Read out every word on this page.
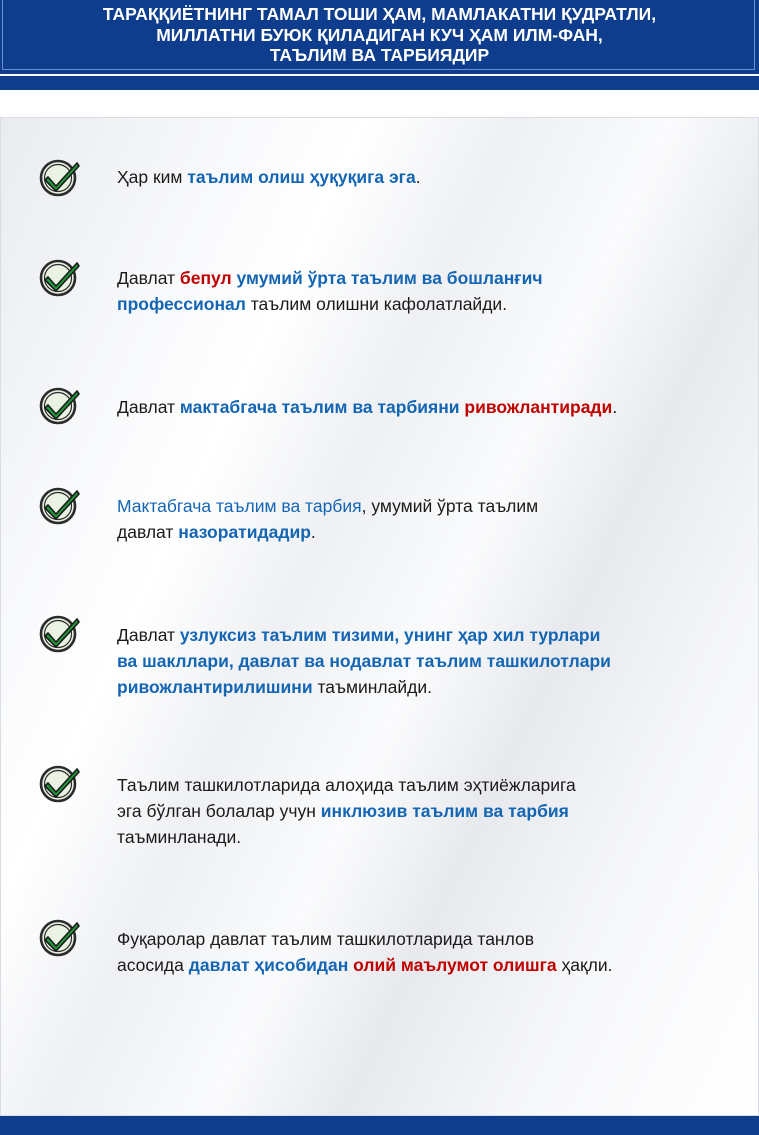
ТАРАҚҚИЁТНИНГ ТАМАЛ ТОШИ ҲАМ, МАМЛАКАТНИ ҚУДРАТЛИ,
МИЛЛАТНИ БУЮК ҚИЛАДИГАН КУЧ ҲАМ ИЛМ-ФАН,
ТАЪЛИМ ВА ТАРБИЯДИР
Ҳар ким таълим олиш ҳуқуқига эга.
Давлат бепул умумий ўрта таълим ва бошланғич
профессионал таълим олишни кафолатлайди.
Давлат мактабгача таълим ва тарбияни ривожлантиради.
Мактабгача таълим ва тарбия, умумий ўрта таълим
давлат назоратидадир.
Давлат узлуксиз таълим тизими, унинг ҳар хил турлари
ва шакллари, давлат ва нодавлат таълим ташкилотлари
ривожлантирилишини таъминлайди.
Таълим ташкилотларида алоҳида таълим эҳтиёжларига
эга бўлган болалар учун инклюзив таълим ва тарбия
таъминланади.
Фуқаролар давлат таълим ташкилотларида танлов
асосида давлат ҳисобидан олий маълумот олишга ҳақли.
